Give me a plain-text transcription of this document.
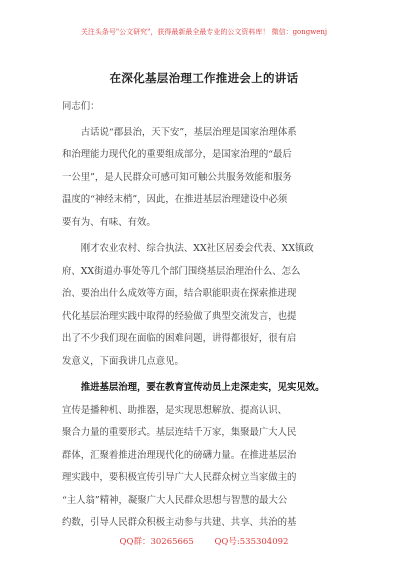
关注头条号"公文研究"，获得最新最全最专业的公文资料库！ 微信：gongwenj
在深化基层治理工作推进会上的讲话
同志们：
古话说“郡县治，天下安”，基层治理是国家治理体系
和治理能力现代化的重要组成部分，是国家治理的“最后
一公里”，是人民群众可感可知可触公共服务效能和服务
温度的“神经末梢”，因此，在推进基层治理建设中必须
要有为、有味、有效。
刚才农业农村、综合执法、XX社区居委会代表、XX镇政
府、XX街道办事处等几个部门围绕基层治理治什么、怎么
治、要治出什么成效等方面，结合职能职责在探索推进现
代化基层治理实践中取得的经验做了典型交流发言，也提
出了不少我们现在面临的困难问题，讲得都很好，很有启
发意义，下面我讲几点意见。
推进基层治理，要在教育宣传动员上走深走实，见实见效。
宣传是播种机、助推器，是实现思想解放、提高认识、
聚合力量的重要形式。基层连结千万家，集聚最广大人民
群体，汇聚着推进治理现代化的磅礴力量。在推进基层治
理实践中，要积极宣传引导广大人民群众树立当家做主的
“主人翁”精神，凝聚广大人民群众思想与智慧的最大公
约数，引导人民群众积极主动参与共建、共享、共治的基
QQ群：30265665 QQ号:535304092
